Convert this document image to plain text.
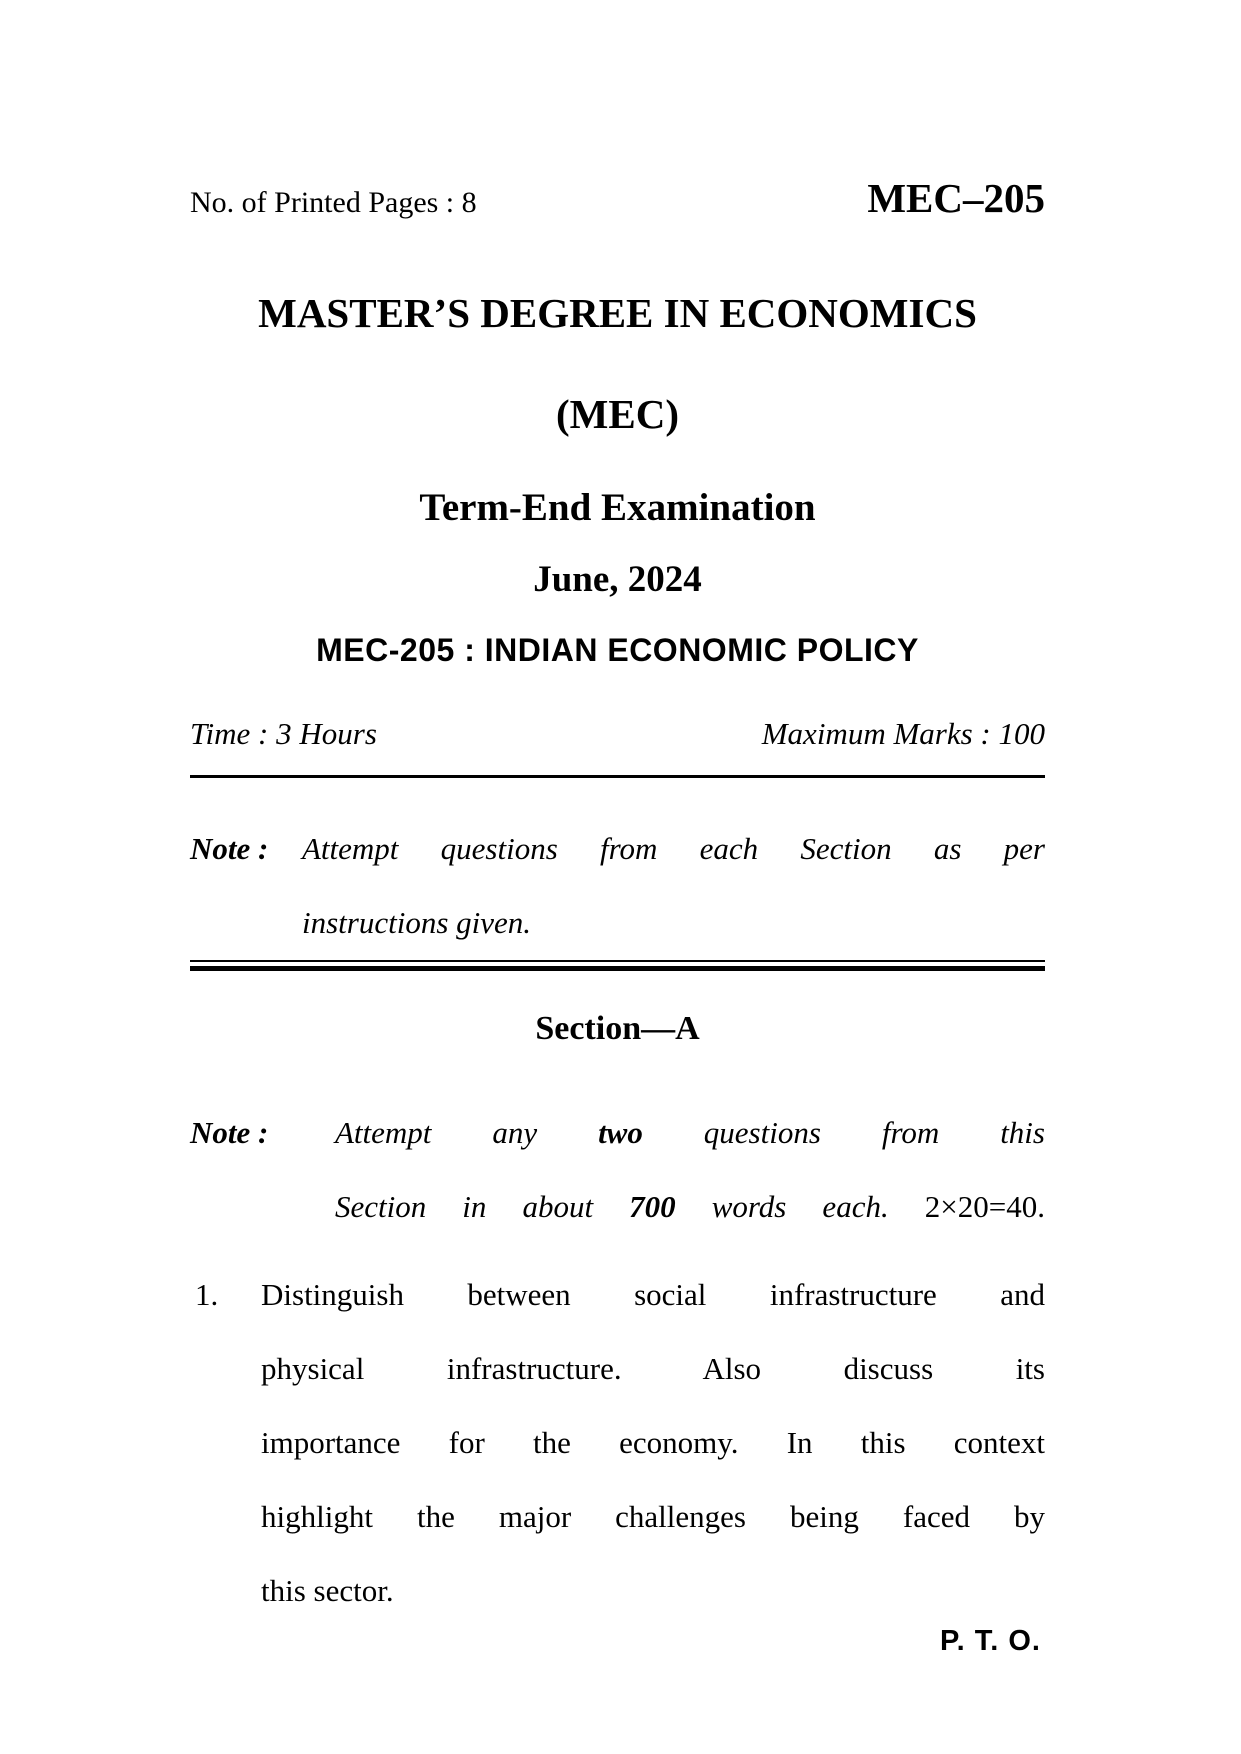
No. of Printed Pages : 8	MEC–205
MASTER’S DEGREE IN ECONOMICS
(MEC)
Term-End Examination
June, 2024
MEC-205 : INDIAN ECONOMIC POLICY
Time : 3 Hours	Maximum Marks : 100
Note : Attempt questions from each Section as per
instructions given.
Section—A
Note : Attempt any two questions from this
Section in about 700 words each. 2×20=40.
1. Distinguish between social infrastructure and
physical infrastructure. Also discuss its
importance for the economy. In this context
highlight the major challenges being faced by
this sector.
P. T. O.
